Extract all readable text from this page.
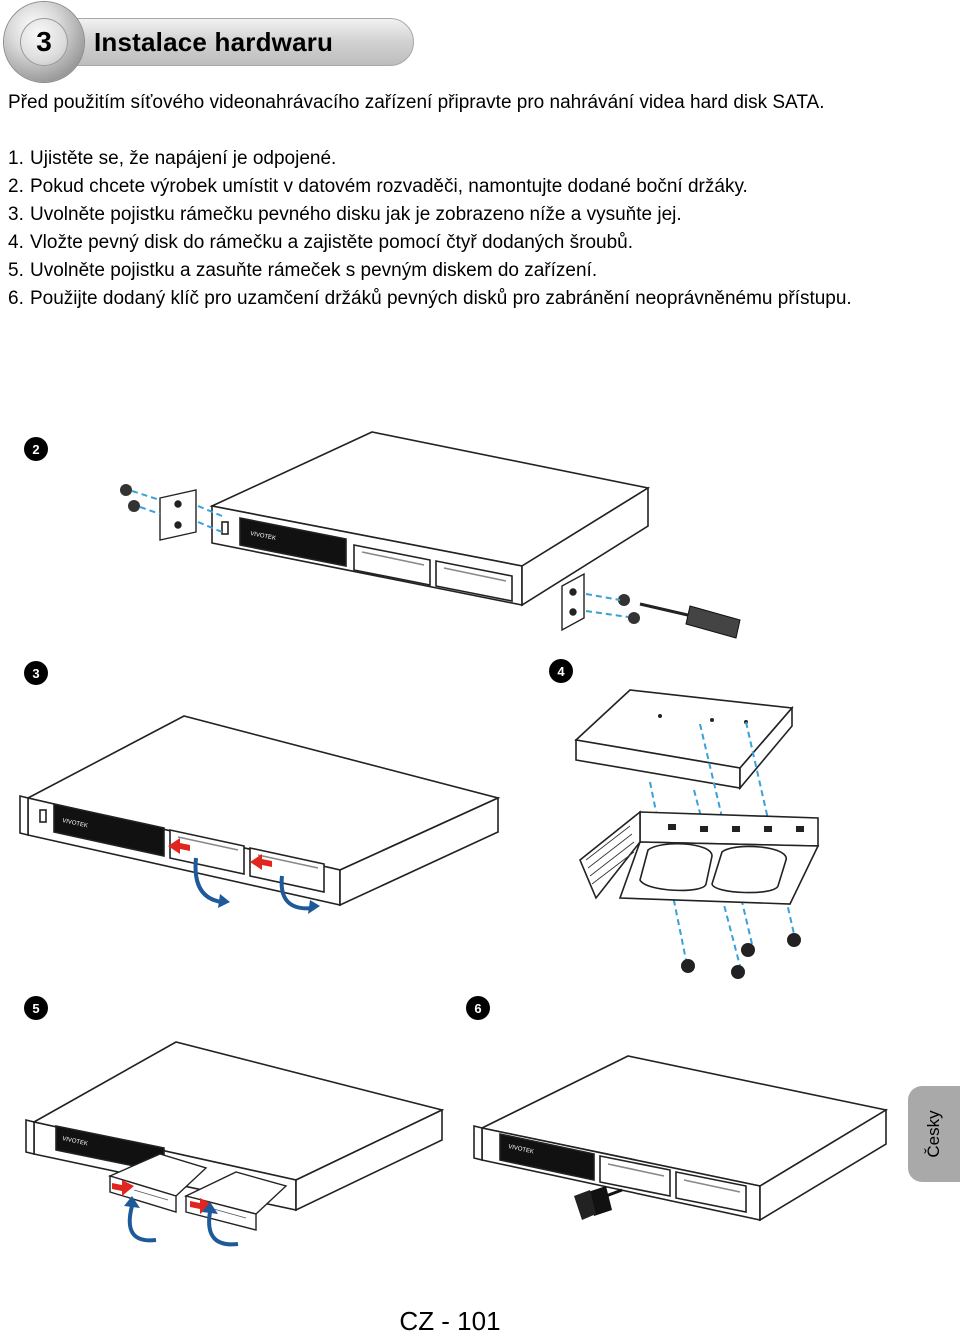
Instalace hardwaru
3

Před použitím síťového videonahrávacího zařízení připravte pro nahrávání videa hard disk SATA.

1. Ujistěte se, že napájení je odpojené.
2. Pokud chcete výrobek umístit v datovém rozvaděči, namontujte dodané boční držáky.
3. Uvolněte pojistku rámečku pevného disku jak je zobrazeno níže a vysuňte jej.
4. Vložte pevný disk do rámečku a zajistěte pomocí čtyř dodaných šroubů.
5. Uvolněte pojistku a zasuňte rámeček s pevným diskem do zařízení.
6. Použijte dodaný klíč pro uzamčení držáků pevných disků pro zabránění neoprávněnému přístupu.
2
VIVOTEK
3
VIVOTEK
4
5
VIVOTEK
6
VIVOTEK	Česky
CZ - 101
